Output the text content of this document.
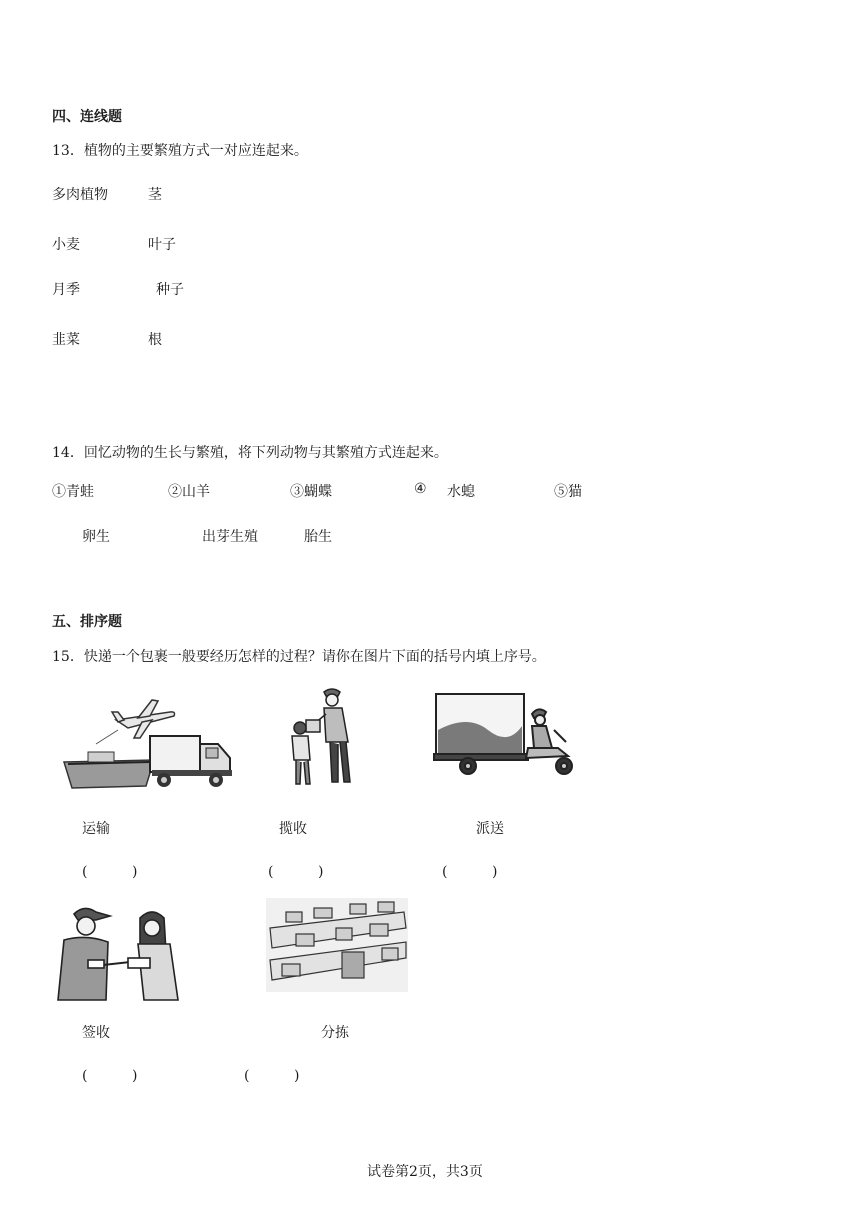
四、连线题
13．植物的主要繁殖方式一对应连起来。
多肉植物	茎
小麦	叶子
月季	种子
韭菜	根
14．回忆动物的生长与繁殖，将下列动物与其繁殖方式连起来。
①青蛙	②山羊	③蝴蝶	④ 水螅	⑤猫
卵生	出芽生殖	胎生
五、排序题
15．快递一个包裹一般要经历怎样的过程？请你在图片下面的括号内填上序号。
运输	揽收	派送
(          )	(          )	(          )
签收	分拣
(          )	(          )
试卷第2页，共3页
